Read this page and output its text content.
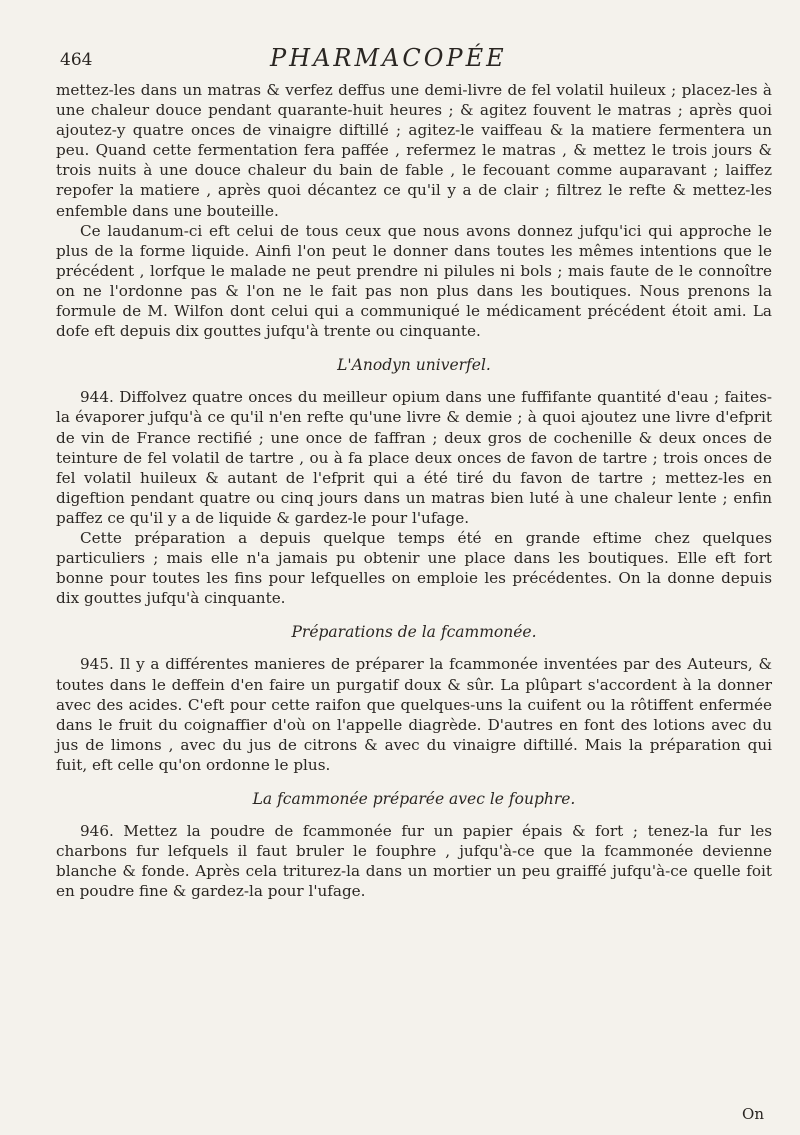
464	PHARMACOPÉE

mettez-les dans un matras & verfez deffus une demi-livre de fel volatil huileux ; placez-les à une chaleur douce pendant quarante-huit heures ; & agitez fouvent le matras ; après quoi ajoutez-y quatre onces de vinaigre diftillé ; agitez-le vaiffeau & la matiere fermentera un peu. Quand cette fermentation fera paffée , refermez le matras , & mettez le trois jours & trois nuits à une douce chaleur du bain de fable , le fecouant comme auparavant ; laiffez repofer la matiere , après quoi décantez ce qu'il y a de clair ; filtrez le refte & mettez-les enfemble dans une bouteille.

Ce laudanum-ci eft celui de tous ceux que nous avons donnez jufqu'ici qui approche le plus de la forme liquide. Ainfi l'on peut le donner dans toutes les mêmes intentions que le précédent , lorfque le malade ne peut prendre ni pilules ni bols ; mais faute de le connoître on ne l'ordonne pas & l'on ne le fait pas non plus dans les boutiques. Nous prenons la formule de M. Wilfon dont celui qui a communiqué le médicament précédent étoit ami. La dofe eft depuis dix gouttes jufqu'à trente ou cinquante.

L'Anodyn univerfel.

944. Diffolvez quatre onces du meilleur opium dans une fuffifante quantité d'eau ; faites-la évaporer jufqu'à ce qu'il n'en refte qu'une livre & demie ; à quoi ajoutez une livre d'efprit de vin de France rectifié ; une once de faffran ; deux gros de cochenille & deux onces de teinture de fel volatil de tartre , ou à fa place deux onces de favon de tartre ; trois onces de fel volatil huileux & autant de l'efprit qui a été tiré du favon de tartre ; mettez-les en digeftion pendant quatre ou cinq jours dans un matras bien luté à une chaleur lente ; enfin paffez ce qu'il y a de liquide & gardez-le pour l'ufage.

Cette préparation a depuis quelque temps été en grande eftime chez quelques particuliers ; mais elle n'a jamais pu obtenir une place dans les boutiques. Elle eft fort bonne pour toutes les fins pour lefquelles on emploie les précédentes. On la donne depuis dix gouttes jufqu'à cinquante.

Préparations de la fcammonée.

945. Il y a différentes manieres de préparer la fcammonée inventées par des Auteurs, & toutes dans le deffein d'en faire un purgatif doux & sûr. La plûpart s'accordent à la donner avec des acides. C'eft pour cette raifon que quelques-uns la cuifent ou la rôtiffent enfermée dans le fruit du coignaffier d'où on l'appelle diagrède. D'autres en font des lotions avec du jus de limons , avec du jus de citrons & avec du vinaigre diftillé. Mais la préparation qui fuit, eft celle qu'on ordonne le plus.

La fcammonée préparée avec le fouphre.

946. Mettez la poudre de fcammonée fur un papier épais & fort ; tenez-la fur les charbons fur lefquels il faut bruler le fouphre , jufqu'à-ce que la fcammonée devienne blanche & fonde. Après cela triturez-la dans un mortier un peu graiffé jufqu'à-ce quelle foit en poudre fine & gardez-la pour l'ufage.

On
